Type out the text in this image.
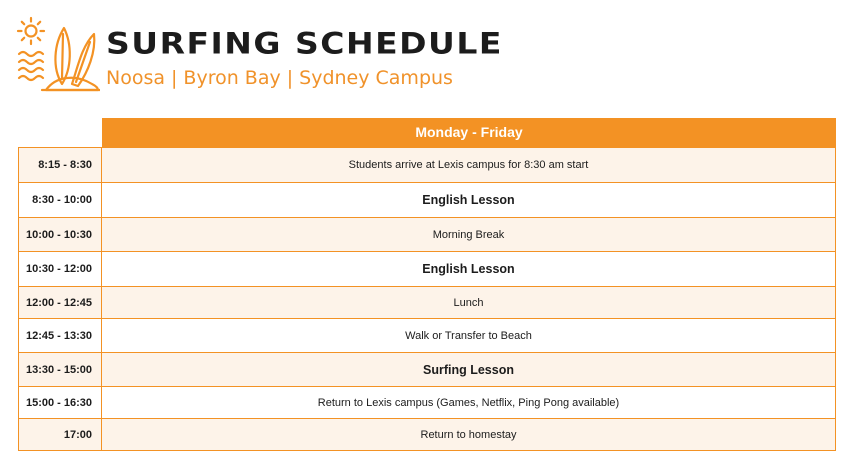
SURFING SCHEDULE
Noosa | Byron Bay | Sydney Campus
Monday - Friday
8:15 - 8:30	Students arrive at Lexis campus for 8:30 am start
8:30 - 10:00	English Lesson
10:00 - 10:30	Morning Break
10:30 - 12:00	English Lesson
12:00 - 12:45	Lunch
12:45 - 13:30	Walk or Transfer to Beach
13:30 - 15:00	Surfing Lesson
15:00 - 16:30	Return to Lexis campus (Games, Netflix, Ping Pong available)
17:00	Return to homestay
